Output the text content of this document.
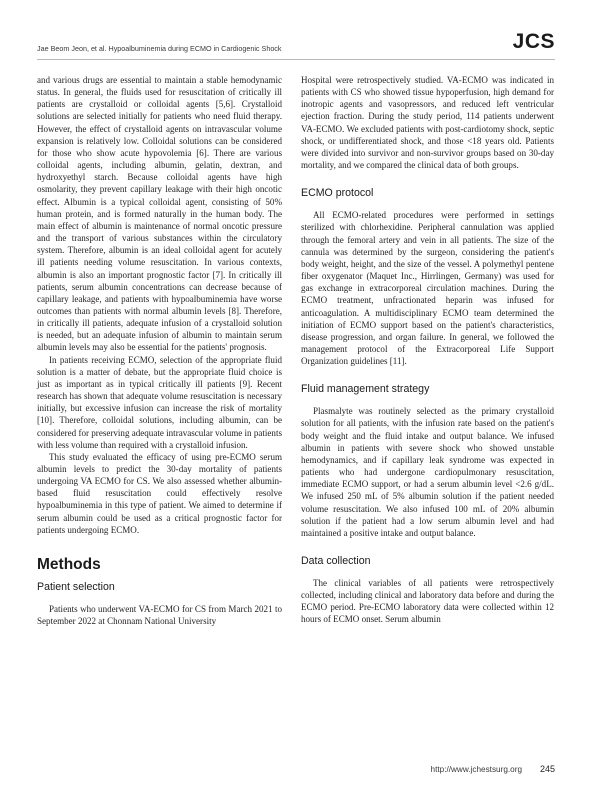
Jae Beom Jeon, et al. Hypoalbuminemia during ECMO in Cardiogenic Shock	JCS

and various drugs are essential to maintain a stable hemodynamic status. In general, the fluids used for resuscitation of critically ill patients are crystalloid or colloidal agents [5,6]. Crystalloid solutions are selected initially for patients who need fluid therapy. However, the effect of crystalloid agents on intravascular volume expansion is relatively low. Colloidal solutions can be considered for those who show acute hypovolemia [6]. There are various colloidal agents, including albumin, gelatin, dextran, and hydroxyethyl starch. Because colloidal agents have high osmolarity, they prevent capillary leakage with their high oncotic effect. Albumin is a typical colloidal agent, consisting of 50% human protein, and is formed naturally in the human body. The main effect of albumin is maintenance of normal oncotic pressure and the transport of various substances within the circulatory system. Therefore, albumin is an ideal colloidal agent for acutely ill patients needing volume resuscitation. In various contexts, albumin is also an important prognostic factor [7]. In critically ill patients, serum albumin concentrations can decrease because of capillary leakage, and patients with hypoalbuminemia have worse outcomes than patients with normal albumin levels [8]. Therefore, in critically ill patients, adequate infusion of a crystalloid solution is needed, but an adequate infusion of albumin to maintain serum albumin levels may also be essential for the patients' prognosis.

In patients receiving ECMO, selection of the appropriate fluid solution is a matter of debate, but the appropriate fluid choice is just as important as in typical critically ill patients [9]. Recent research has shown that adequate volume resuscitation is necessary initially, but excessive infusion can increase the risk of mortality [10]. Therefore, colloidal solutions, including albumin, can be considered for preserving adequate intravascular volume in patients with less volume than required with a crystalloid infusion.

This study evaluated the efficacy of using pre-ECMO serum albumin levels to predict the 30-day mortality of patients undergoing VA ECMO for CS. We also assessed whether albumin-based fluid resuscitation could effectively resolve hypoalbuminemia in this type of patient. We aimed to determine if serum albumin could be used as a critical prognostic factor for patients undergoing ECMO.

Methods
Patient selection

Patients who underwent VA-ECMO for CS from March 2021 to September 2022 at Chonnam National University

Hospital were retrospectively studied. VA-ECMO was indicated in patients with CS who showed tissue hypoperfusion, high demand for inotropic agents and vasopressors, and reduced left ventricular ejection fraction. During the study period, 114 patients underwent VA-ECMO. We excluded patients with post-cardiotomy shock, septic shock, or undifferentiated shock, and those <18 years old. Patients were divided into survivor and non-survivor groups based on 30-day mortality, and we compared the clinical data of both groups.

ECMO protocol

All ECMO-related procedures were performed in settings sterilized with chlorhexidine. Peripheral cannulation was applied through the femoral artery and vein in all patients. The size of the cannula was determined by the surgeon, considering the patient's body weight, height, and the size of the vessel. A polymethyl pentene fiber oxygenator (Maquet Inc., Hirrlingen, Germany) was used for gas exchange in extracorporeal circulation machines. During the ECMO treatment, unfractionated heparin was infused for anticoagulation. A multidisciplinary ECMO team determined the initiation of ECMO support based on the patient's characteristics, disease progression, and organ failure. In general, we followed the management protocol of the Extracorporeal Life Support Organization guidelines [11].

Fluid management strategy

Plasmalyte was routinely selected as the primary crystalloid solution for all patients, with the infusion rate based on the patient's body weight and the fluid intake and output balance. We infused albumin in patients with severe shock who showed unstable hemodynamics, and if capillary leak syndrome was expected in patients who had undergone cardiopulmonary resuscitation, immediate ECMO support, or had a serum albumin level <2.6 g/dL. We infused 250 mL of 5% albumin solution if the patient needed volume resuscitation. We also infused 100 mL of 20% albumin solution if the patient had a low serum albumin level and had maintained a positive intake and output balance.

Data collection

The clinical variables of all patients were retrospectively collected, including clinical and laboratory data before and during the ECMO period. Pre-ECMO laboratory data were collected within 12 hours of ECMO onset. Serum albumin

http://www.jchestsurg.org 245
